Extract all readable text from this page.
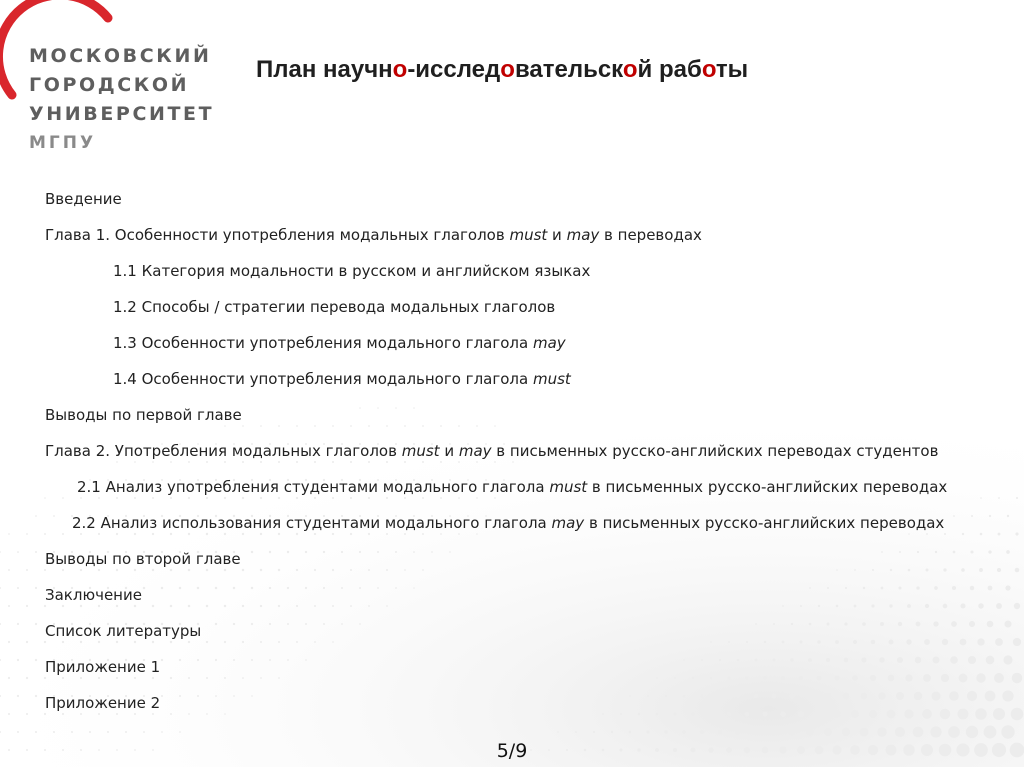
МОСКОВСКИЙ
ГОРОДСКОЙ
УНИВЕРСИТЕТ
МГПУ
План научно-исследовательской работы
Введение
Глава 1. Особенности употребления модальных глаголов must и may в переводах
1.1 Категория модальности в русском и английском языках
1.2 Способы / стратегии перевода модальных глаголов
1.3 Особенности употребления модального глагола may
1.4 Особенности употребления модального глагола must
Выводы по первой главе
Глава 2. Употребления модальных глаголов must и may в письменных русско-английских переводах студентов
2.1 Анализ употребления студентами модального глагола must в письменных русско-английских переводах
2.2 Анализ использования студентами модального глагола may в письменных русско-английских переводах
Выводы по второй главе
Заключение
Список литературы
Приложение 1
Приложение 2
5/9
